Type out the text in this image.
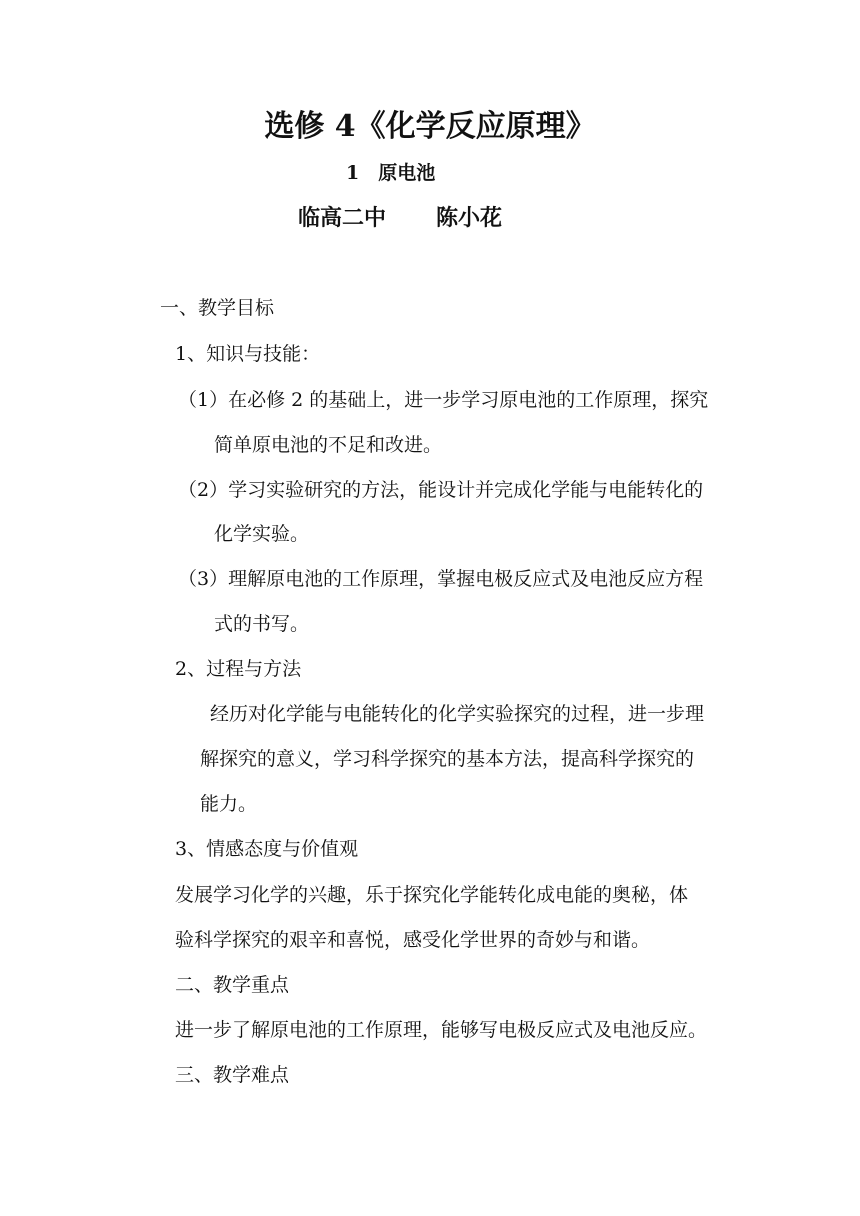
选修 4《化学反应原理》
1　原电池
临高二中 陈小花
一、教学目标
1、知识与技能：
（1）在必修 2 的基础上，进一步学习原电池的工作原理，探究
简单原电池的不足和改进。
（2）学习实验研究的方法，能设计并完成化学能与电能转化的
化学实验。
（3）理解原电池的工作原理，掌握电极反应式及电池反应方程
式的书写。
2、过程与方法
经历对化学能与电能转化的化学实验探究的过程，进一步理
解探究的意义，学习科学探究的基本方法，提高科学探究的
能力。
3、情感态度与价值观
发展学习化学的兴趣，乐于探究化学能转化成电能的奥秘，体
验科学探究的艰辛和喜悦，感受化学世界的奇妙与和谐。
二、教学重点
进一步了解原电池的工作原理，能够写电极反应式及电池反应。
三、教学难点
